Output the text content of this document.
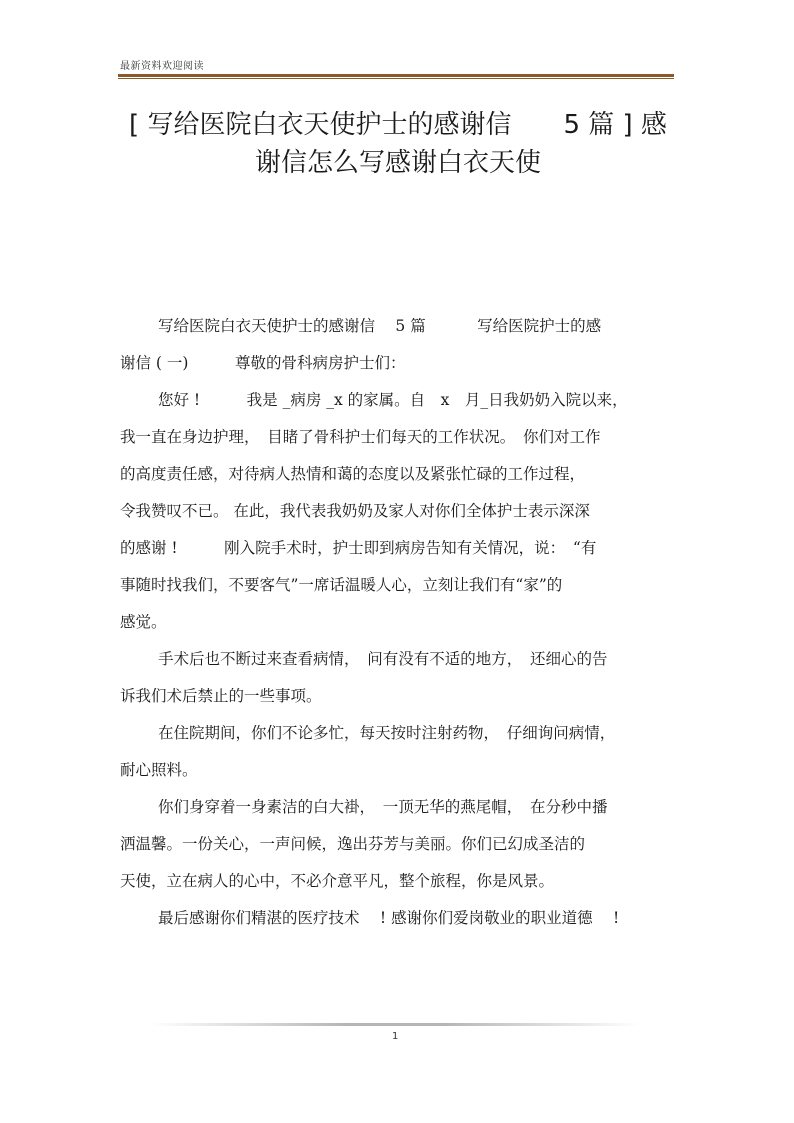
最新资料欢迎阅读
[ 写给医院白衣天使护士的感谢信　　5 篇 ] 感
谢信怎么写感谢白衣天使
写给医院白衣天使护士的感谢信　 5 篇　　　 写给医院护士的感
谢信 ( 一)　　　尊敬的骨科病房护士们：
您好 !　　　我是 _病房 _x 的家属。自　x　月_日我奶奶入院以来，
我一直在身边护理，　目睹了骨科护士们每天的工作状况。　你们对工作
的高度责任感，对待病人热情和蔼的态度以及紧张忙碌的工作过程，
令我赞叹不已。 在此，我代表我奶奶及家人对你们全体护士表示深深
的感谢 !　　　刚入院手术时，护士即到病房告知有关情况，说：　“有
事随时找我们，不要客气”一席话温暖人心，立刻让我们有“家”的
感觉。
手术后也不断过来查看病情，　问有没有不适的地方，　还细心的告
诉我们术后禁止的一些事项。
在住院期间，你们不论多忙，每天按时注射药物，　仔细询问病情，
耐心照料。
你们身穿着一身素洁的白大褂，　一顶无华的燕尾帽，　在分秒中播
洒温馨。一份关心，一声问候，逸出芬芳与美丽。你们已幻成圣洁的
天使，立在病人的心中，不必介意平凡，整个旅程，你是风景。
最后感谢你们精湛的医疗技术　 ! 感谢你们爱岗敬业的职业道德　 !
1
